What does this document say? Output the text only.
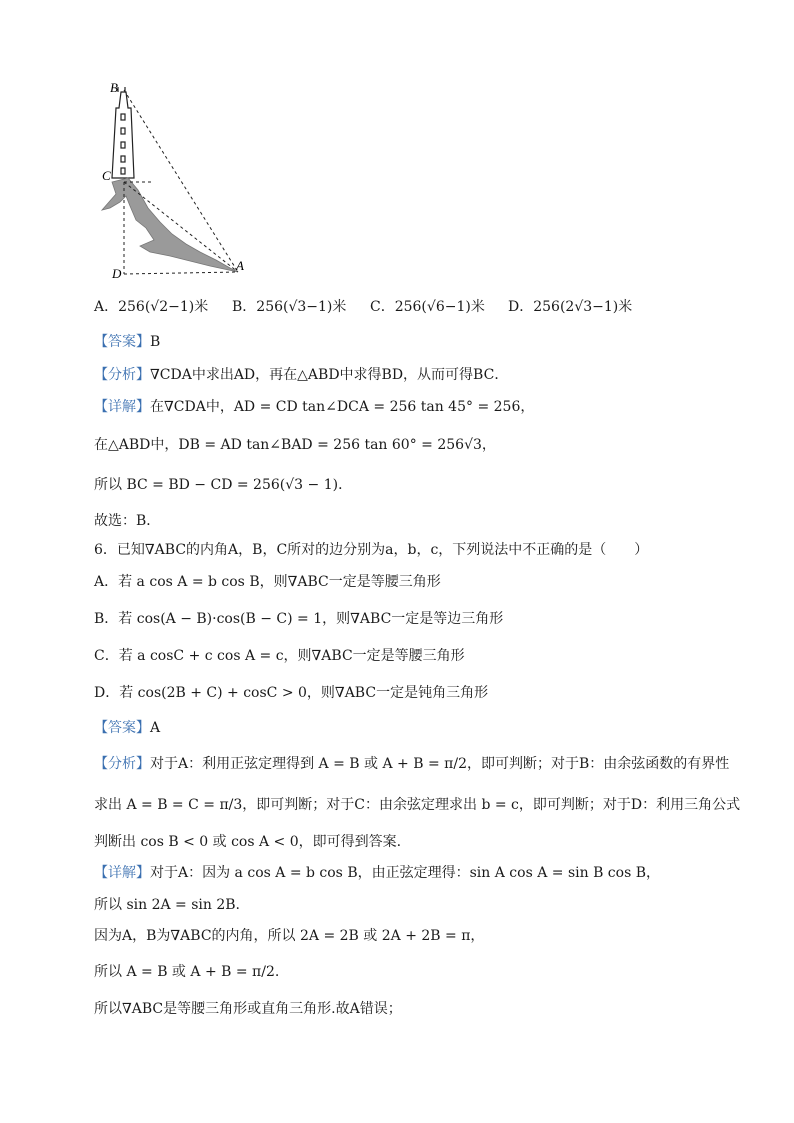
B
C
D
A
A．256(√2−1)米 B．256(√3−1)米 C．256(√6−1)米 D．256(2√3−1)米
【答案】B
【分析】∇CDA中求出AD，再在△ABD中求得BD，从而可得BC．
【详解】在∇CDA中，AD = CD tan∠DCA = 256 tan 45° = 256，
在△ABD中，DB = AD tan∠BAD = 256 tan 60° = 256√3，
所以 BC = BD − CD = 256(√3 − 1)．
故选：B．
6．已知∇ABC的内角A，B，C所对的边分别为a，b，c，下列说法中不正确的是（　　）
A．若 a cos A = b cos B，则∇ABC一定是等腰三角形
B．若 cos(A − B)·cos(B − C) = 1，则∇ABC一定是等边三角形
C．若 a cosC + c cos A = c，则∇ABC一定是等腰三角形
D．若 cos(2B + C) + cosC > 0，则∇ABC一定是钝角三角形
【答案】A
【分析】对于A：利用正弦定理得到 A = B 或 A + B = π/2，即可判断；对于B：由余弦函数的有界性
求出 A = B = C = π/3，即可判断；对于C：由余弦定理求出 b = c，即可判断；对于D：利用三角公式
判断出 cos B < 0 或 cos A < 0，即可得到答案.
【详解】对于A：因为 a cos A = b cos B，由正弦定理得：sin A cos A = sin B cos B，
所以 sin 2A = sin 2B.
因为A，B为∇ABC的内角，所以 2A = 2B 或 2A + 2B = π，
所以 A = B 或 A + B = π/2.
所以∇ABC是等腰三角形或直角三角形.故A错误；
